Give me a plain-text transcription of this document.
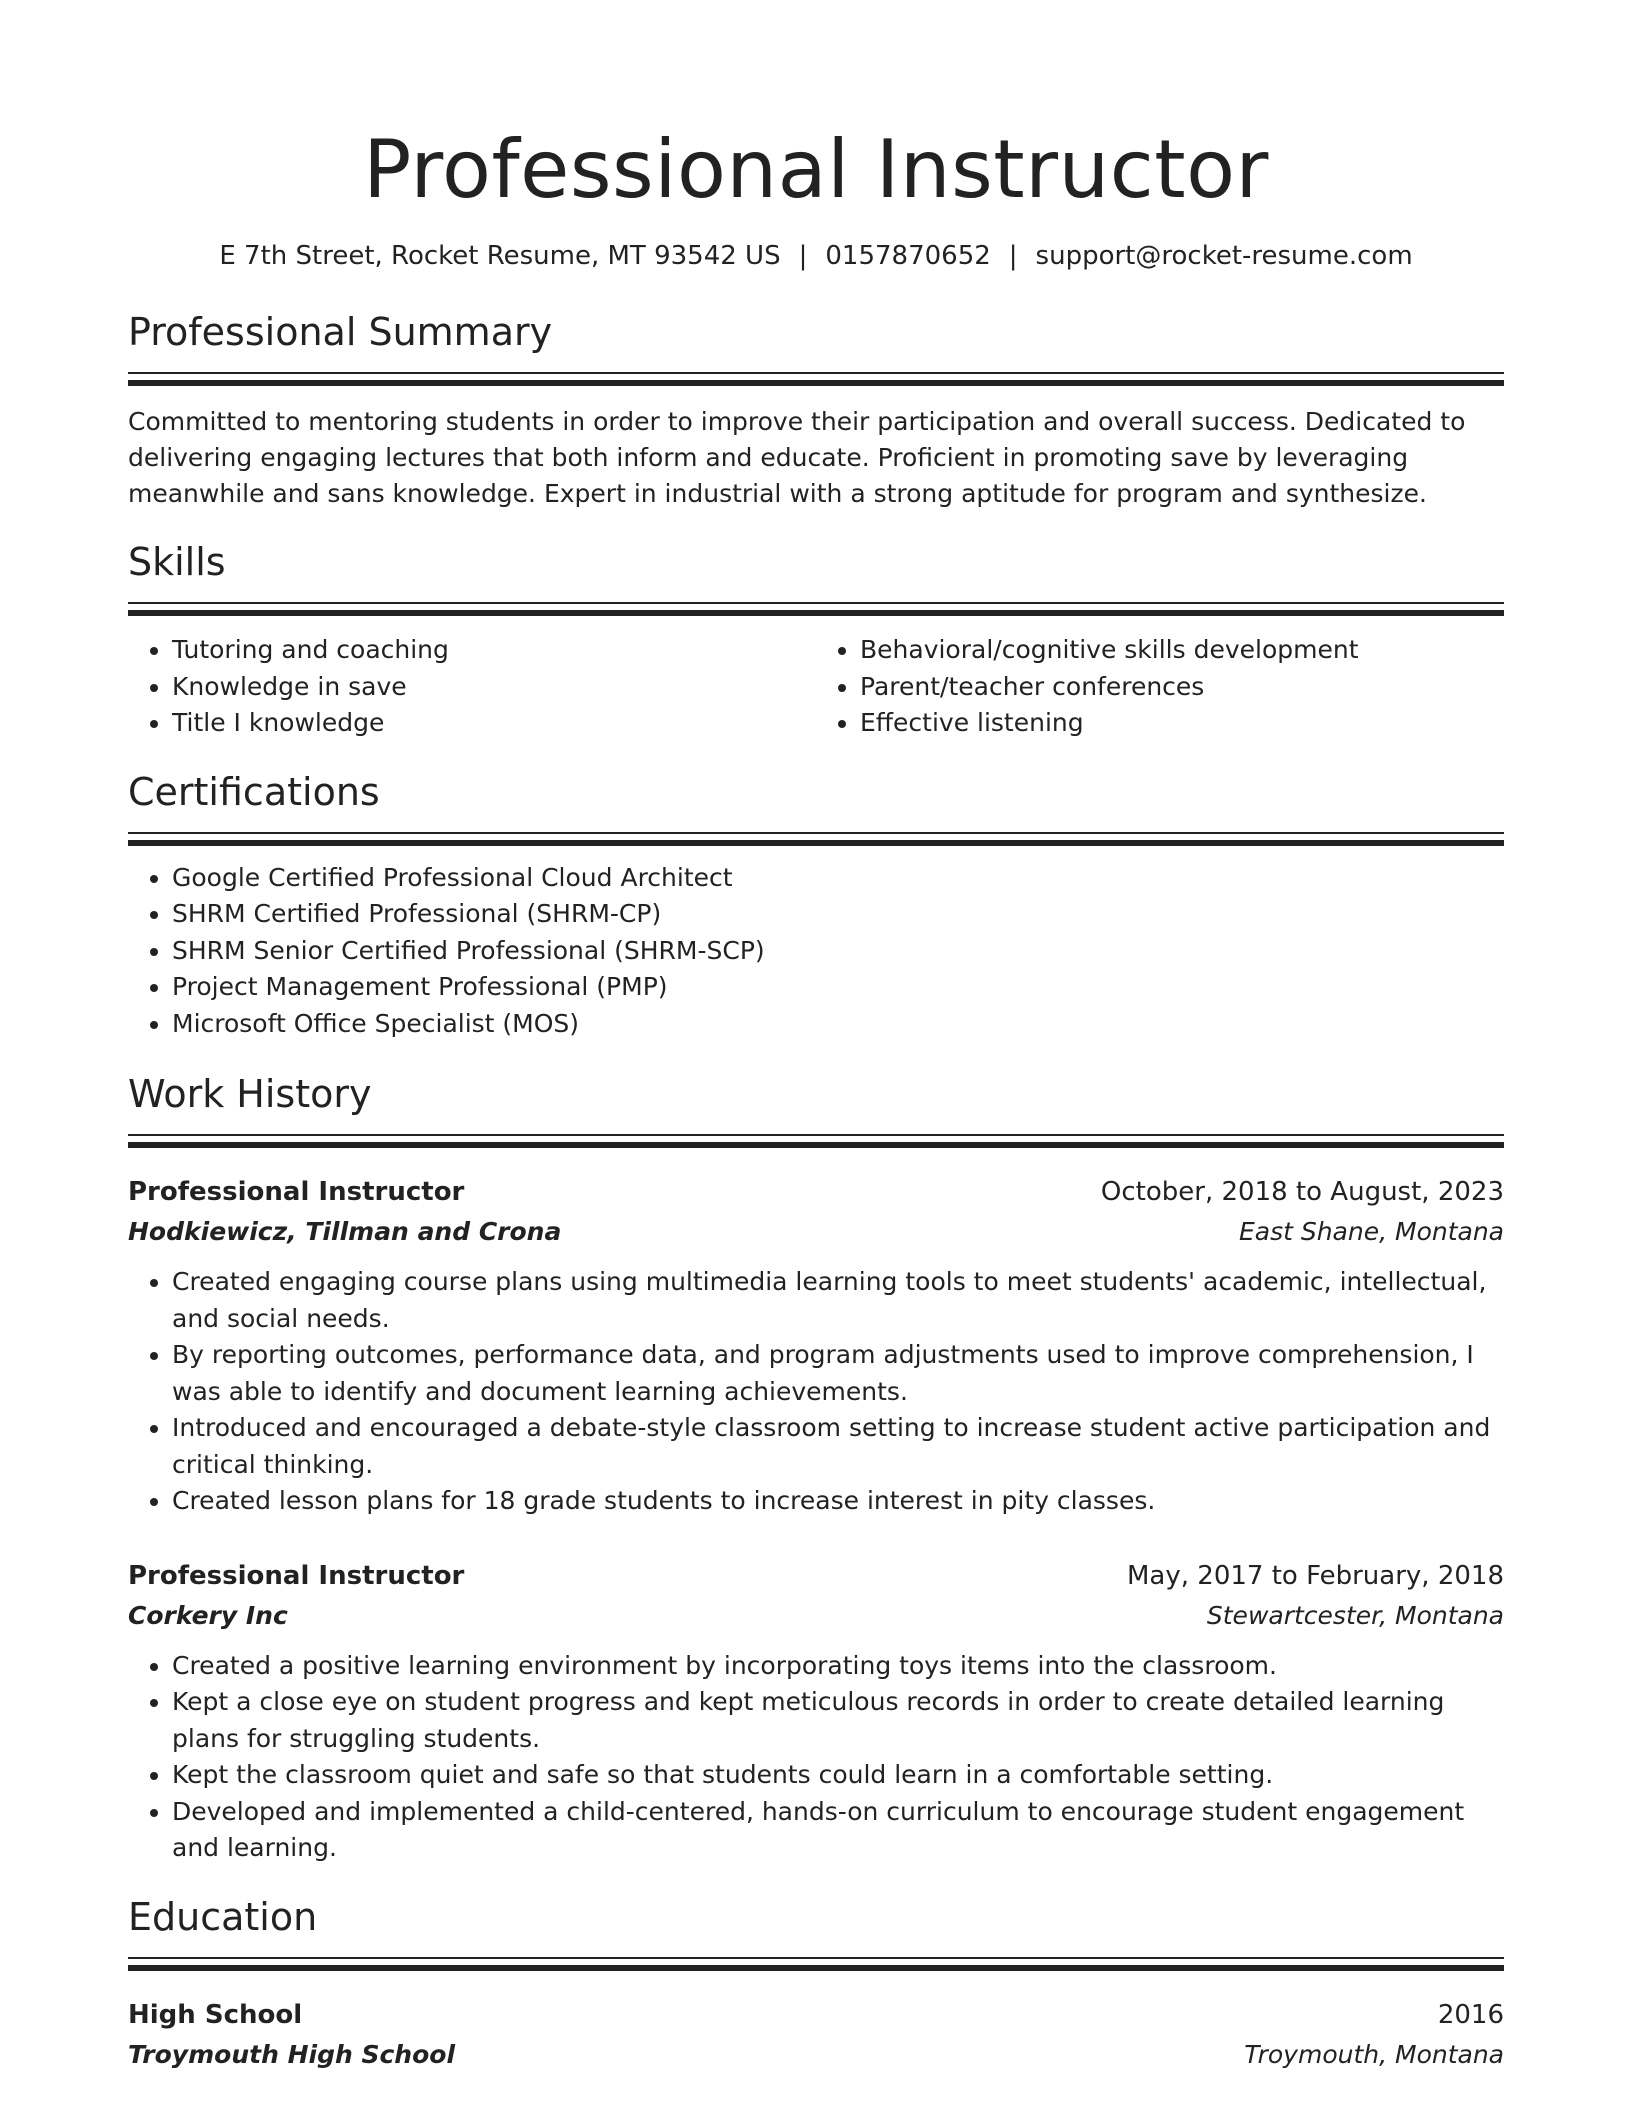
Professional Instructor
E 7th Street, Rocket Resume, MT 93542 US | 0157870652 | support@rocket-resume.com
Professional Summary
Committed to mentoring students in order to improve their participation and overall success. Dedicated to delivering engaging lectures that both inform and educate. Proficient in promoting save by leveraging meanwhile and sans knowledge. Expert in industrial with a strong aptitude for program and synthesize.
Skills
• Tutoring and coaching
• Knowledge in save
• Title I knowledge
• Behavioral/cognitive skills development
• Parent/teacher conferences
• Effective listening
Certifications
• Google Certified Professional Cloud Architect
• SHRM Certified Professional (SHRM-CP)
• SHRM Senior Certified Professional (SHRM-SCP)
• Project Management Professional (PMP)
• Microsoft Office Specialist (MOS)
Work History
Professional Instructor	October, 2018 to August, 2023
Hodkiewicz, Tillman and Crona	East Shane, Montana
• Created engaging course plans using multimedia learning tools to meet students' academic, intellectual, and social needs.
• By reporting outcomes, performance data, and program adjustments used to improve comprehension, I was able to identify and document learning achievements.
• Introduced and encouraged a debate-style classroom setting to increase student active participation and critical thinking.
• Created lesson plans for 18 grade students to increase interest in pity classes.
Professional Instructor	May, 2017 to February, 2018
Corkery Inc	Stewartcester, Montana
• Created a positive learning environment by incorporating toys items into the classroom.
• Kept a close eye on student progress and kept meticulous records in order to create detailed learning plans for struggling students.
• Kept the classroom quiet and safe so that students could learn in a comfortable setting.
• Developed and implemented a child-centered, hands-on curriculum to encourage student engagement and learning.
Education
High School	2016
Troymouth High School	Troymouth, Montana
